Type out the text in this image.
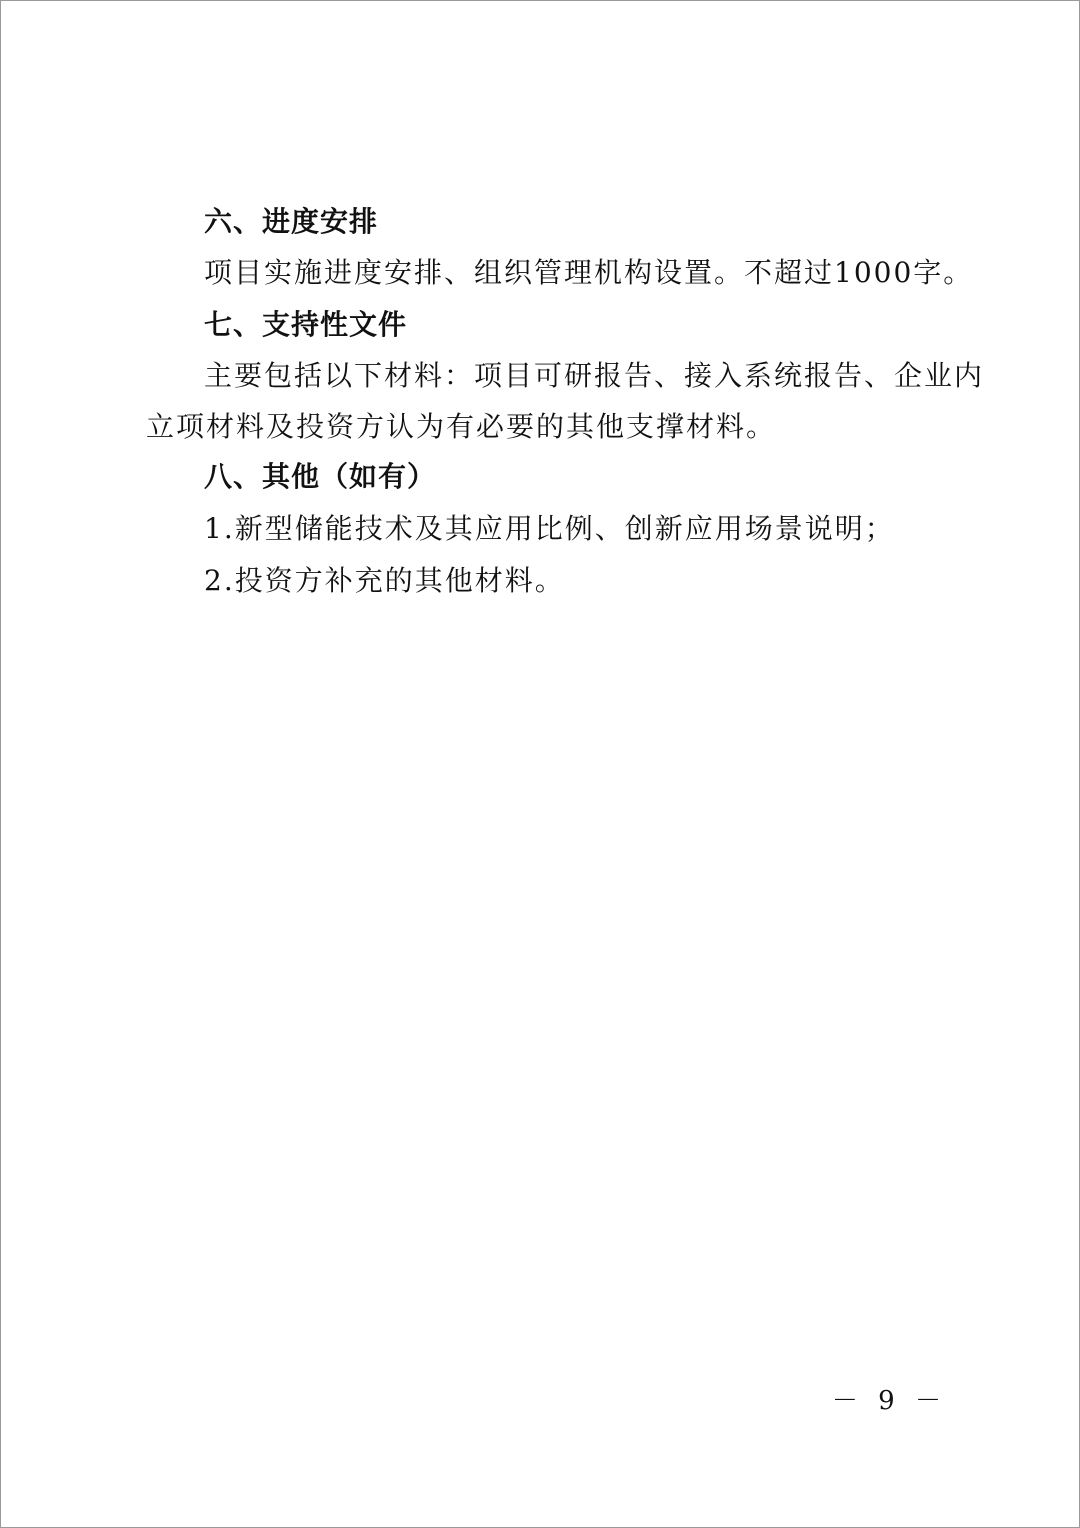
六、进度安排
项目实施进度安排、组织管理机构设置。不超过1000字。
七、支持性文件
主要包括以下材料：项目可研报告、接入系统报告、企业内
立项材料及投资方认为有必要的其他支撑材料。
八、其他（如有）
1.新型储能技术及其应用比例、创新应用场景说明；
2.投资方补充的其他材料。
－ 9 －
